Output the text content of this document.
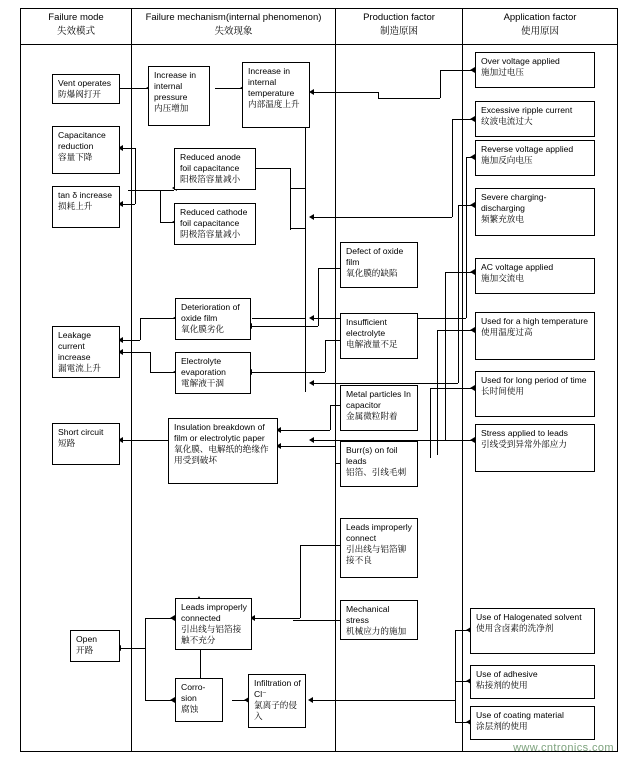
Failure mode
失效模式
Failure mechanism(internal phenomenon)
失效现象
Production factor
制造原困
Application factor
使用原因
Vent operates
防爆阀打开
Capacitance reduction
容量下降
tan δ increase
损耗上升
Leakage current increase
漏電流上升
Short circuit
短路
Open
开路
Increase in internal pressure
内压增加
Increase in internal temperature
内部温度上升
Reduced anode foil capacitance
阳极箔容量减小
Reduced cathode foil capacitance
阴极箔容量减小
Deterioration of oxide film
氧化膜劣化
Electrolyte evaporation
電解液干涸
Insulation breakdown of film or electrolytic paper
氧化膜、电解纸的绝缘作用受到破坏
Leads improperly connected
引出线与铝箔接触不充分
Corro-sion
腐蚀
Infiltration of Cl⁻
氯离子的侵入
Defect of oxide film
氧化膜的缺陷
Insufficient electrolyte
电解液量不足
Metal particles In capacitor
金属微粒附着
Burr(s) on foil leads
铝箔、引线毛刺
Leads improperly connect
引出线与铝箔铆接不良
Mechanical stress
机械应力的施加
Over voltage applied
施加过电压
Excessive ripple current
纹波电流过大
Reverse voltage applied
施加反向电压
Severe charging-discharging
频繁充放电
AC voltage applied
施加交流电
Used for a high temperature
使用温度过高
Used for long period of time
长时间使用
Stress applied to leads
引线受到异常外部应力
Use of Halogenated solvent
使用含卤素的洗净剂
Use of adhesive
粘接剂的使用
Use of coating material
涂层剂的使用
www.cntronics.com
